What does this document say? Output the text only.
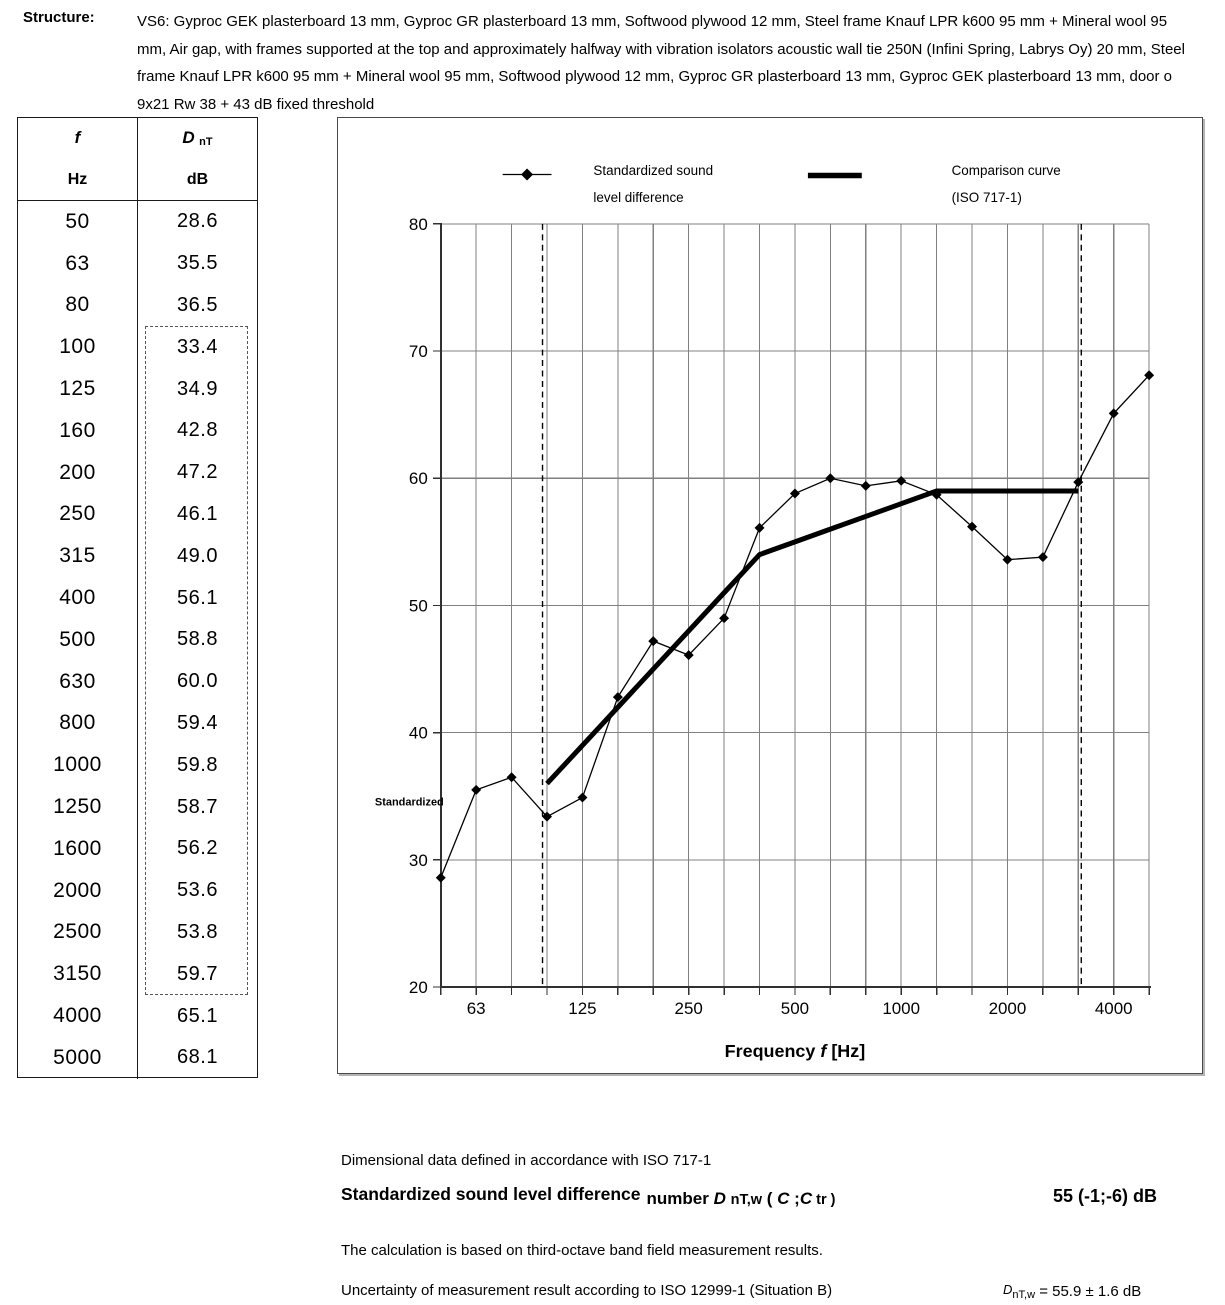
Structure:	VS6: Gyproc GEK plasterboard 13 mm, Gyproc GR plasterboard 13 mm, Softwood plywood 12 mm, Steel frame Knauf LPR k600 95 mm + Mineral wool 95 mm, Air gap, with frames supported at the top and approximately halfway with vibration isolators acoustic wall tie 250N (Infini Spring, Labrys Oy) 20 mm, Steel frame Knauf LPR k600 95 mm + Mineral wool 95 mm, Softwood plywood 12 mm, Gyproc GR plasterboard 13 mm, Gyproc GEK plasterboard 13 mm, door o 9x21 Rw 38 + 43 dB fixed threshold
f
Hz
D nT
dB
50	28.6
63	35.5
80	36.5
100	33.4
125	34.9
160	42.8
200	47.2
250	46.1
315	49.0
400	56.1
500	58.8
630	60.0
800	59.4
1000	59.8
1250	58.7
1600	56.2
2000	53.6
2500	53.8
3150	59.7
4000	65.1
5000	68.1
63	125	250	500	1000	2000	4000
20
30
40
50
60
70
80
Frequency f [Hz]
Standardized
Standardized sound
level difference
Comparison curve
(ISO 717-1)
Dimensional data defined in accordance with ISO 717-1
Standardized sound level difference number D nT,w ( C ;C tr )	55 (-1;-6) dB
The calculation is based on third-octave band field measurement results.
Uncertainty of measurement result according to ISO 12999-1 (Situation B)	DnT,w = 55.9 ± 1.6 dB
